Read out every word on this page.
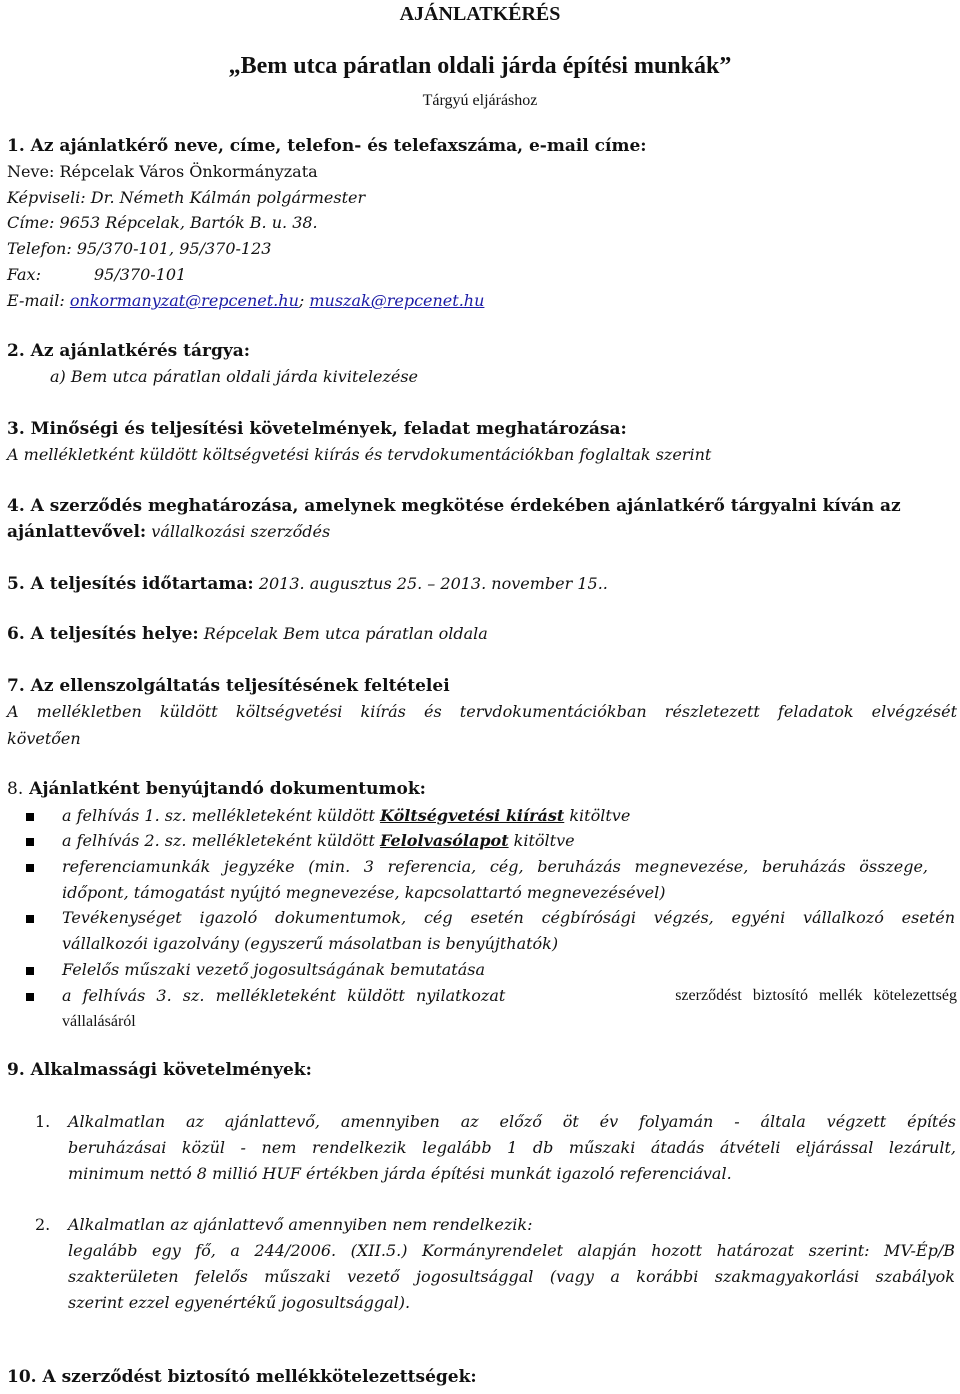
AJÁNLATKÉRÉS
„Bem utca páratlan oldali járda építési munkák”
Tárgyú eljáráshoz
1. Az ajánlatkérő neve, címe, telefon- és telefaxszáma, e-mail címe:
Neve: Répcelak Város Önkormányzata
Képviseli: Dr. Németh Kálmán polgármester
Címe: 9653 Répcelak, Bartók B. u. 38.
Telefon: 95/370-101, 95/370-123
Fax:	95/370-101
E-mail: onkormanyzat@repcenet.hu; muszak@repcenet.hu
2. Az ajánlatkérés tárgya:
a) Bem utca páratlan oldali járda kivitelezése
3. Minőségi és teljesítési követelmények, feladat meghatározása:
A mellékletként küldött költségvetési kiírás és tervdokumentációkban foglaltak szerint
4. A szerződés meghatározása, amelynek megkötése érdekében ajánlatkérő tárgyalni kíván az
ajánlattevővel: vállalkozási szerződés
5. A teljesítés időtartama: 2013. augusztus 25. – 2013. november 15..
6. A teljesítés helye: Répcelak Bem utca páratlan oldala
7. Az ellenszolgáltatás teljesítésének feltételei
A mellékletben küldött költségvetési kiírás és tervdokumentációkban részletezett feladatok elvégzését
követően
8. Ajánlatként benyújtandó dokumentumok:
a felhívás 1. sz. mellékleteként küldött Költségvetési kiírást kitöltve
a felhívás 2. sz. mellékleteként küldött Felolvasólapot kitöltve
referenciamunkák jegyzéke (min. 3 referencia, cég, beruházás megnevezése, beruházás összege,
időpont, támogatást nyújtó megnevezése, kapcsolattartó megnevezésével)
Tevékenységet igazoló dokumentumok, cég esetén cégbírósági végzés, egyéni vállalkozó esetén
vállalkozói igazolvány (egyszerű másolatban is benyújthatók)
Felelős műszaki vezető jogosultságának bemutatása
a felhívás 3. sz. mellékleteként küldött nyilatkozat	szerződést biztosító mellék kötelezettség
vállalásáról
9. Alkalmassági követelmények:
1. Alkalmatlan az ajánlattevő, amennyiben az előző öt év folyamán - általa végzett építés
beruházásai közül - nem rendelkezik legalább 1 db műszaki átadás átvételi eljárással lezárult,
minimum nettó 8 millió HUF értékben járda építési munkát igazoló referenciával.
2. Alkalmatlan az ajánlattevő amennyiben nem rendelkezik:
legalább egy fő, a 244/2006. (XII.5.) Kormányrendelet alapján hozott határozat szerint: MV-Ép/B
szakterületen felelős műszaki vezető jogosultsággal (vagy a korábbi szakmagyakorlási szabályok
szerint ezzel egyenértékű jogosultsággal).
10. A szerződést biztosító mellékkötelezettségek:
